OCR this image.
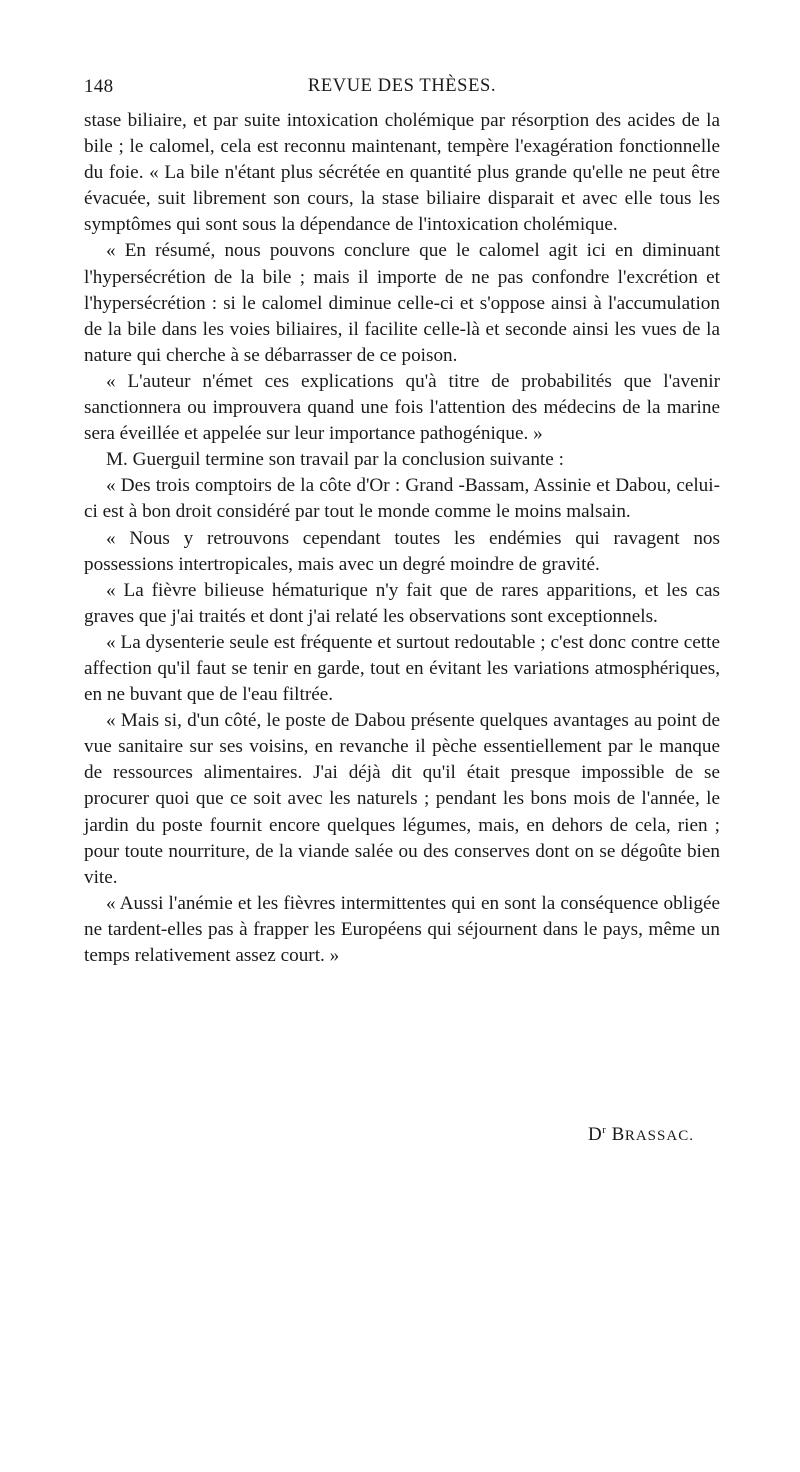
148	REVUE DES THÈSES.

stase biliaire, et par suite intoxication cholémique par résorption des acides de la bile ; le calomel, cela est reconnu maintenant, tempère l'exagération fonctionnelle du foie. « La bile n'étant plus sécrétée en quantité plus grande qu'elle ne peut être évacuée, suit librement son cours, la stase biliaire disparait et avec elle tous les symptômes qui sont sous la dépendance de l'intoxication cholémique.

« En résumé, nous pouvons conclure que le calomel agit ici en diminuant l'hypersécrétion de la bile ; mais il importe de ne pas confondre l'excrétion et l'hypersécrétion : si le calomel diminue celle-ci et s'oppose ainsi à l'accumulation de la bile dans les voies biliaires, il facilite celle-là et seconde ainsi les vues de la nature qui cherche à se débarrasser de ce poison.

« L'auteur n'émet ces explications qu'à titre de probabilités que l'avenir sanctionnera ou improuvera quand une fois l'attention des médecins de la marine sera éveillée et appelée sur leur importance pathogénique. »

M. Guerguil termine son travail par la conclusion suivante :

« Des trois comptoirs de la côte d'Or : Grand -Bassam, Assinie et Dabou, celui-ci est à bon droit considéré par tout le monde comme le moins malsain.

« Nous y retrouvons cependant toutes les endémies qui ravagent nos possessions intertropicales, mais avec un degré moindre de gravité.

« La fièvre bilieuse hématurique n'y fait que de rares apparitions, et les cas graves que j'ai traités et dont j'ai relaté les observations sont exceptionnels.

« La dysenterie seule est fréquente et surtout redoutable ; c'est donc contre cette affection qu'il faut se tenir en garde, tout en évitant les variations atmosphériques, en ne buvant que de l'eau filtrée.

« Mais si, d'un côté, le poste de Dabou présente quelques avantages au point de vue sanitaire sur ses voisins, en revanche il pèche essentiellement par le manque de ressources alimentaires. J'ai déjà dit qu'il était presque impossible de se procurer quoi que ce soit avec les naturels ; pendant les bons mois de l'année, le jardin du poste fournit encore quelques légumes, mais, en dehors de cela, rien ; pour toute nourriture, de la viande salée ou des conserves dont on se dégoûte bien vite.

« Aussi l'anémie et les fièvres intermittentes qui en sont la conséquence obligée ne tardent-elles pas à frapper les Européens qui séjournent dans le pays, même un temps relativement assez court. »

$D^r$ BRASSAC.
